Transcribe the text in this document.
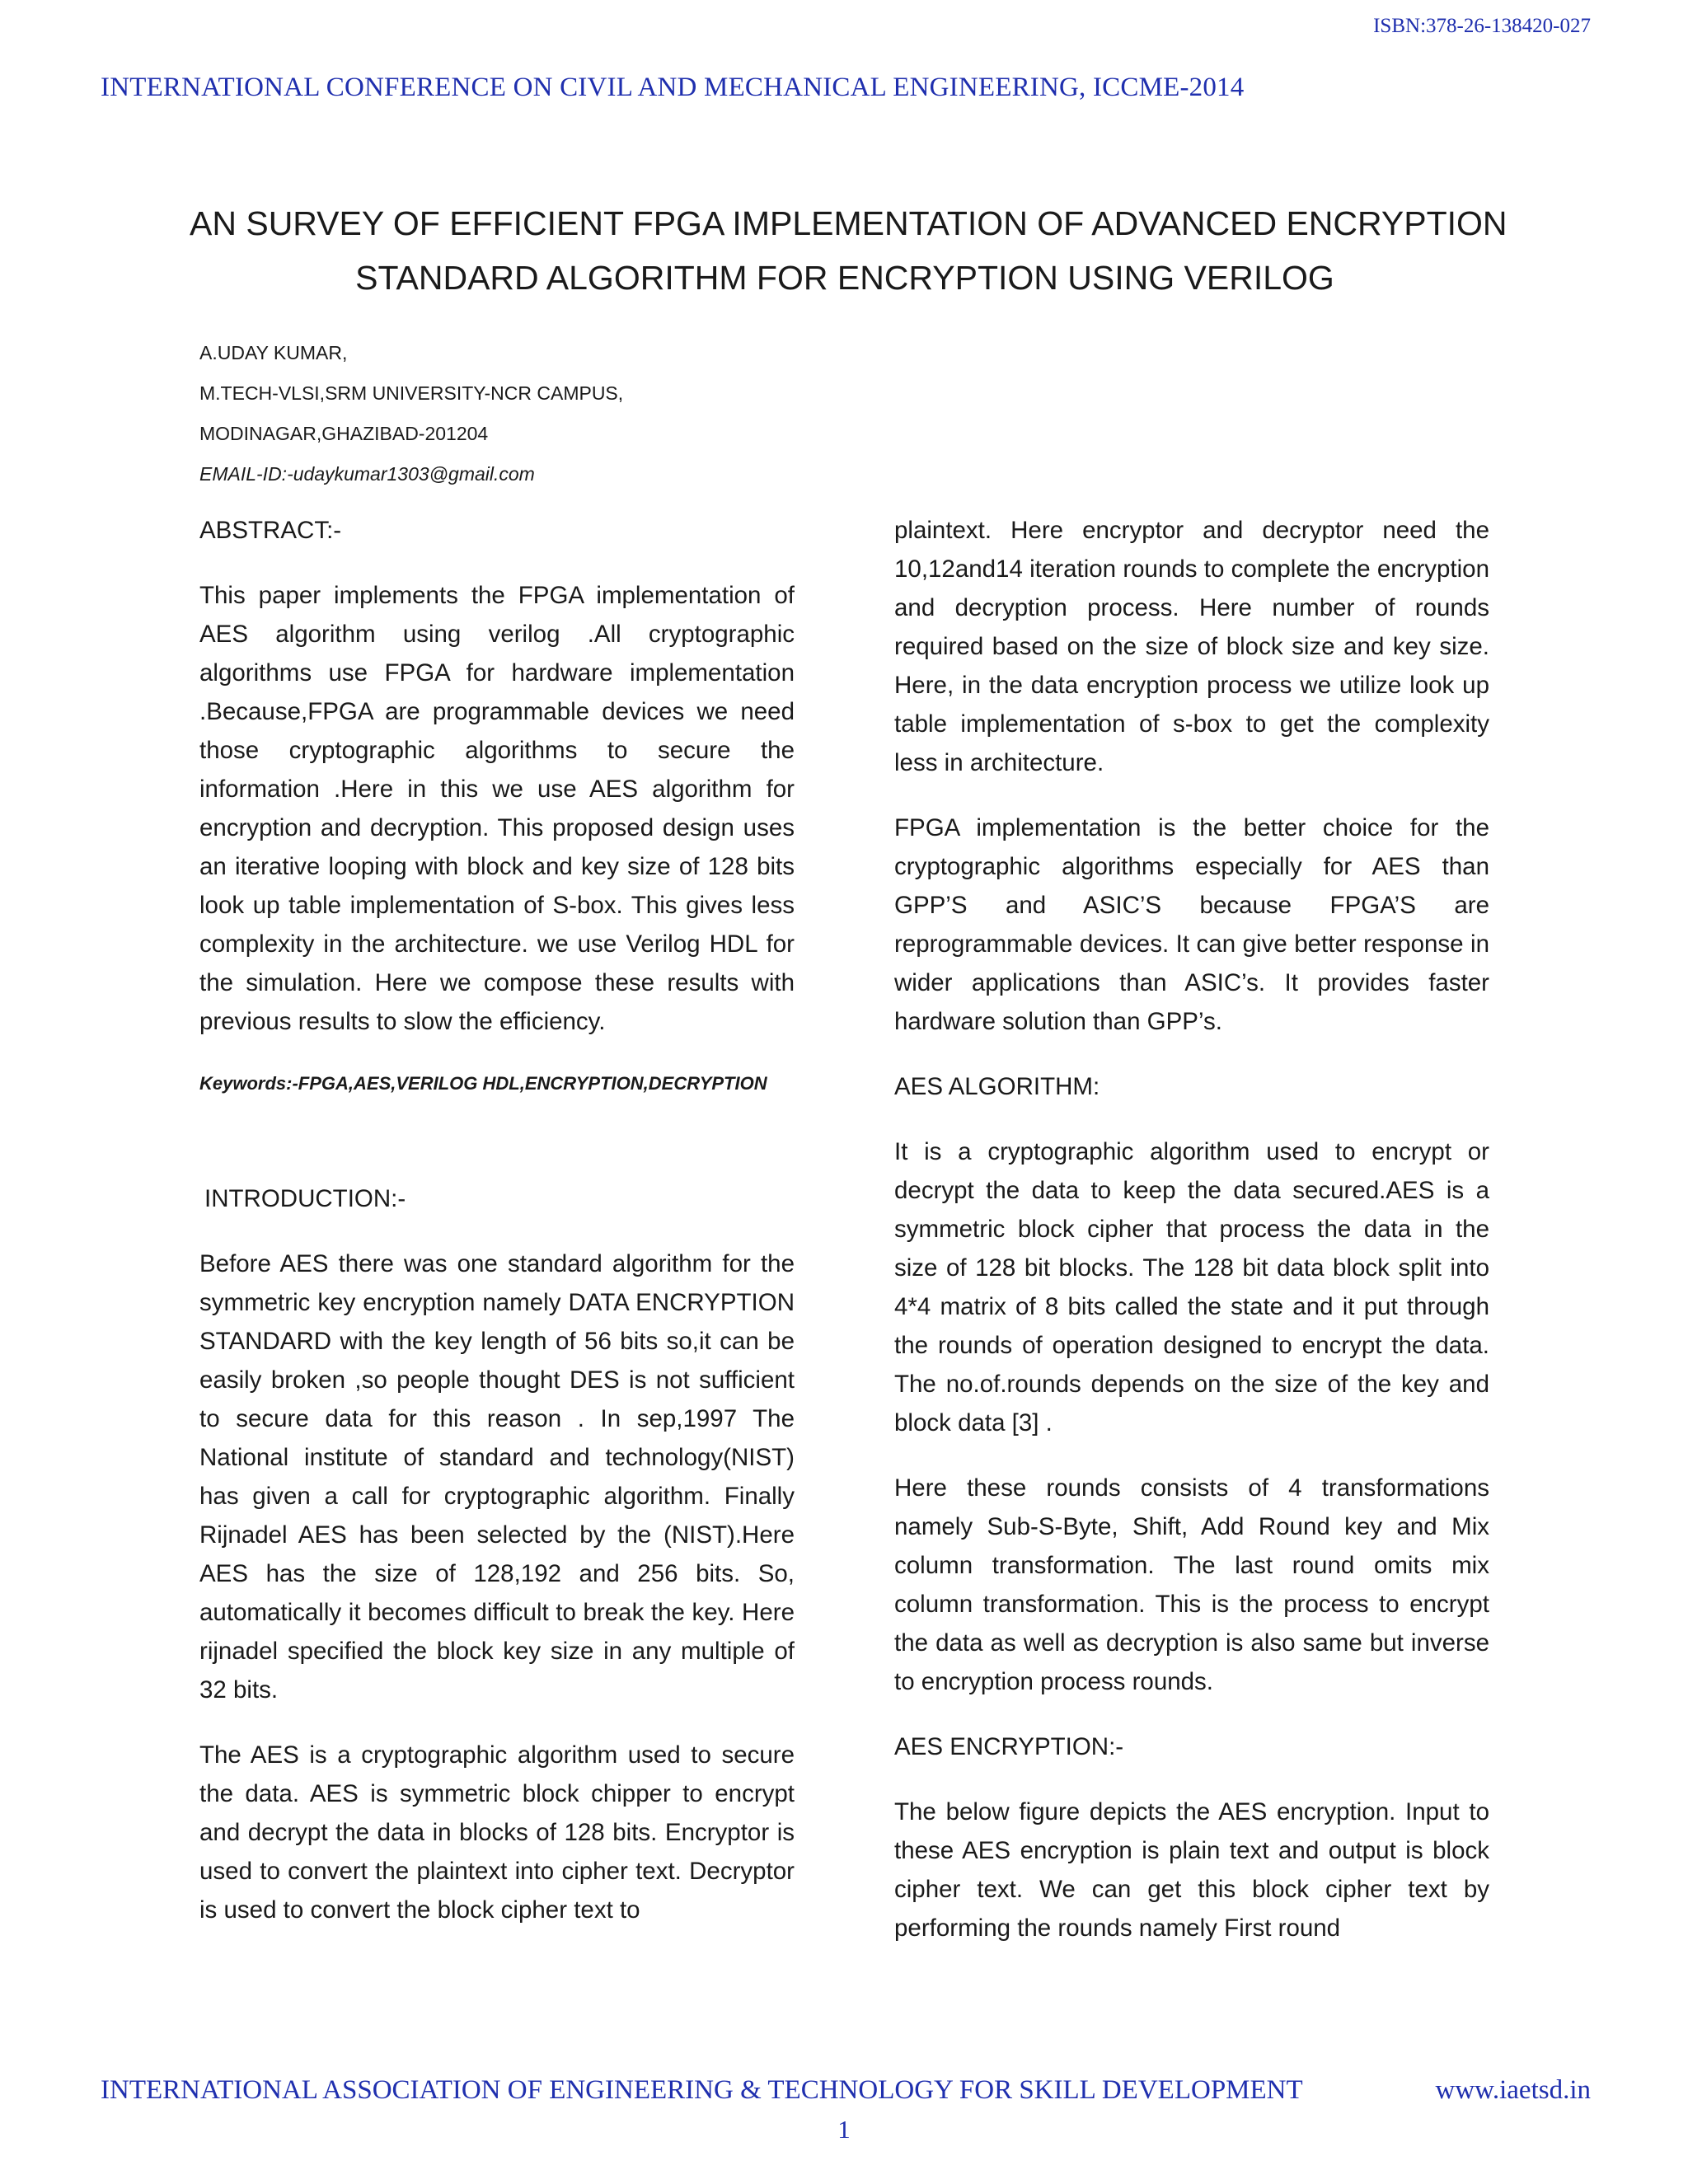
ISBN:378-26-138420-027
INTERNATIONAL CONFERENCE ON CIVIL AND MECHANICAL ENGINEERING, ICCME-2014
AN SURVEY OF EFFICIENT FPGA IMPLEMENTATION OF ADVANCED ENCRYPTION
STANDARD ALGORITHM FOR ENCRYPTION USING VERILOG
A.UDAY KUMAR,
M.TECH-VLSI,SRM UNIVERSITY-NCR CAMPUS,
MODINAGAR,GHAZIBAD-201204
EMAIL-ID:-udaykumar1303@gmail.com
ABSTRACT:-
This paper implements the FPGA implementation of AES algorithm using verilog .All cryptographic algorithms use FPGA for hardware implementation .Because,FPGA are programmable devices we need those cryptographic algorithms to secure the information .Here in this we use AES algorithm for encryption and decryption. This proposed design uses an iterative looping with block and key size of 128 bits look up table implementation of S-box. This gives less complexity in the architecture. we use Verilog HDL for the simulation. Here we compose these results with previous results to slow the efficiency.
Keywords:-FPGA,AES,VERILOG HDL,ENCRYPTION,DECRYPTION
INTRODUCTION:-
Before AES there was one standard algorithm for the symmetric key encryption namely DATA ENCRYPTION STANDARD with the key length of 56 bits so,it can be easily broken ,so people thought DES is not sufficient to secure data for this reason . In sep,1997 The National institute of standard and technology(NIST) has given a call for cryptographic algorithm. Finally Rijnadel AES has been selected by the (NIST).Here AES has the size of 128,192 and 256 bits. So, automatically it becomes difficult to break the key. Here rijnadel specified the block key size in any multiple of 32 bits.
The AES is a cryptographic algorithm used to secure the data. AES is symmetric block chipper to encrypt and decrypt the data in blocks of 128 bits. Encryptor is used to convert the plaintext into cipher text. Decryptor is used to convert the block cipher text to
plaintext. Here encryptor and decryptor need the 10,12and14 iteration rounds to complete the encryption and decryption process. Here number of rounds required based on the size of block size and key size. Here, in the data encryption process we utilize look up table implementation of s-box to get the complexity less in architecture.
FPGA implementation is the better choice for the cryptographic algorithms especially for AES than GPP’S and ASIC’S because FPGA’S are reprogrammable devices. It can give better response in wider applications than ASIC’s. It provides faster hardware solution than GPP’s.
AES ALGORITHM:
It is a cryptographic algorithm used to encrypt or decrypt the data to keep the data secured.AES is a symmetric block cipher that process the data in the size of 128 bit blocks. The 128 bit data block split into 4*4 matrix of 8 bits called the state and it put through the rounds of operation designed to encrypt the data. The no.of.rounds depends on the size of the key and block data [3] .
Here these rounds consists of 4 transformations namely Sub-S-Byte, Shift, Add Round key and Mix column transformation. The last round omits mix column transformation. This is the process to encrypt the data as well as decryption is also same but inverse to encryption process rounds.
AES ENCRYPTION:-
The below figure depicts the AES encryption. Input to these AES encryption is plain text and output is block cipher text. We can get this block cipher text by performing the rounds namely First round
INTERNATIONAL ASSOCIATION OF ENGINEERING & TECHNOLOGY FOR SKILL DEVELOPMENT	www.iaetsd.in
1
